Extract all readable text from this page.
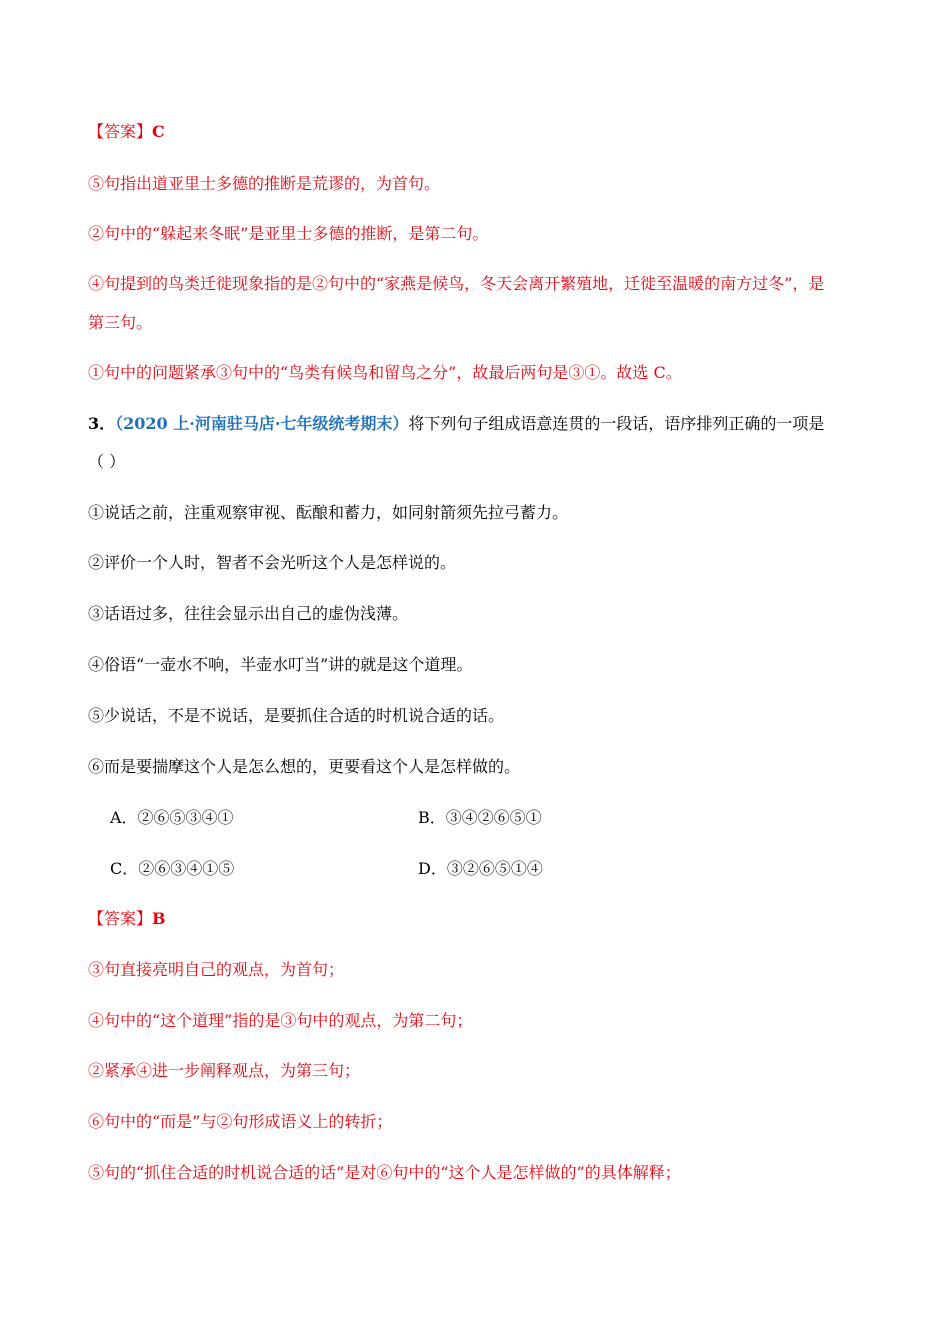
【答案】C
⑤句指出道亚里士多德的推断是荒谬的，为首句。
②句中的“躲起来冬眠”是亚里士多德的推断，是第二句。
④句提到的鸟类迁徙现象指的是②句中的“家燕是候鸟，冬天会离开繁殖地，迁徙至温暖的南方过冬”，是
第三句。
①句中的问题紧承③句中的“鸟类有候鸟和留鸟之分”，故最后两句是③①。故选 C。
3．（2020 上·河南驻马店·七年级统考期末）将下列句子组成语意连贯的一段话，语序排列正确的一项是
（ ）
①说话之前，注重观察审视、酝酿和蓄力，如同射箭须先拉弓蓄力。
②评价一个人时，智者不会光听这个人是怎样说的。
③话语过多，往往会显示出自己的虚伪浅薄。
④俗语“一壶水不响，半壶水叮当”讲的就是这个道理。
⑤少说话，不是不说话，是要抓住合适的时机说合适的话。
⑥而是要揣摩这个人是怎么想的，更要看这个人是怎样做的。
A．②⑥⑤③④①	B．③④②⑥⑤①
C．②⑥③④①⑤	D．③②⑥⑤①④
【答案】B
③句直接亮明自己的观点，为首句；
④句中的“这个道理”指的是③句中的观点，为第二句；
②紧承④进一步阐释观点，为第三句；
⑥句中的“而是”与②句形成语义上的转折；
⑤句的“抓住合适的时机说合适的话”是对⑥句中的“这个人是怎样做的”的具体解释；
